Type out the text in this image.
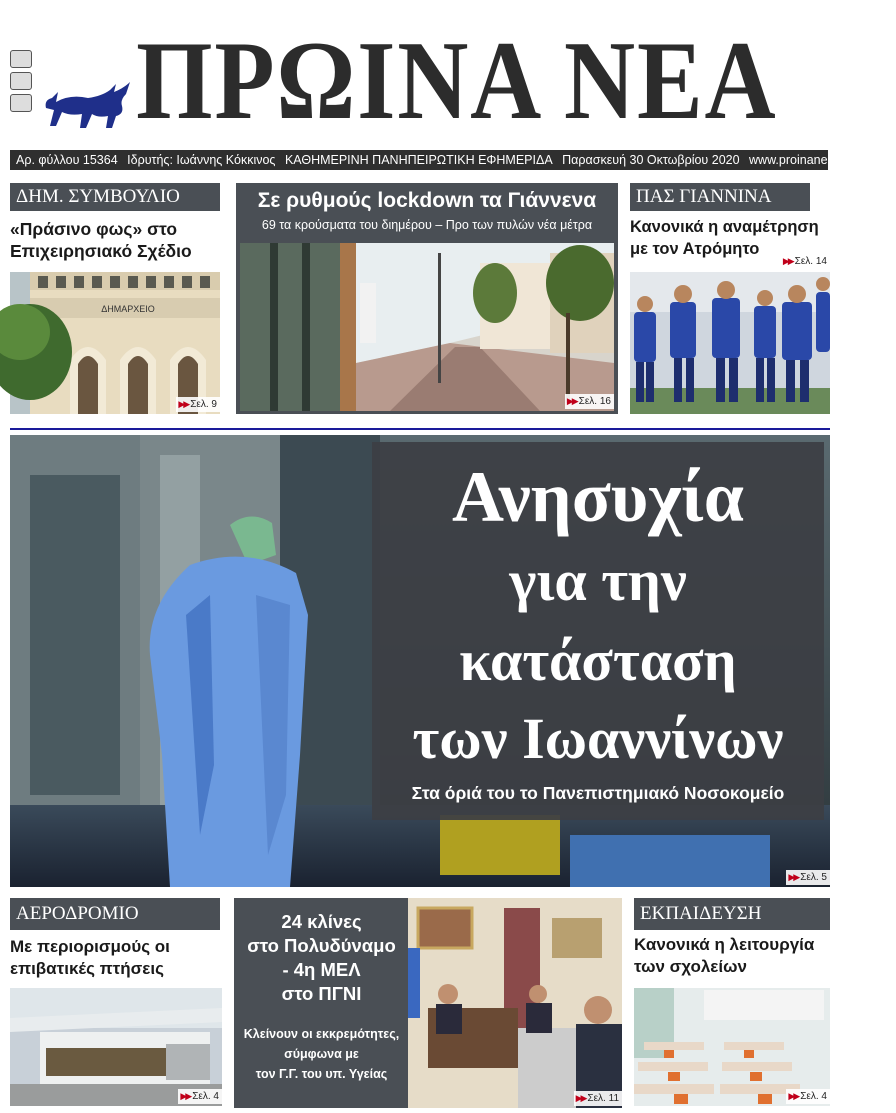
ΠΡΩΙΝΑ ΝΕΑ
Αρ. φύλλου 15364 Ιδρυτής: Ιωάννης Κόκκινος ΚΑΘΗΜΕΡΙΝΗ ΠΑΝΗΠΕΙΡΩΤΙΚΗ ΕΦΗΜΕΡΙΔΑ Παρασκευή 30 Οκτωβρίου 2020 www.proinanea.gr €0,50
ΔΗΜ. ΣΥΜΒΟΥΛΙΟ
«Πράσινο φως» στο
Επιχειρησιακό Σχέδιο
ΔΗΜΑΡΧΕΙΟ
▶▶ Σελ. 9
Σε ρυθμούς lockdown τα Γιάννενα
69 τα κρούσματα του διημέρου – Προ των πυλών νέα μέτρα
▶▶ Σελ. 16
ΠΑΣ ΓΙΑΝΝΙΝΑ
Κανονικά η αναμέτρηση
με τον Ατρόμητο
▶▶ Σελ. 14
▶▶ Σελ. 5
Ανησυχία
για την
κατάσταση
των Ιωαννίνων
Στα όριά του το Πανεπιστημιακό Νοσοκομείο
ΑΕΡΟΔΡΟΜΙΟ
Με περιορισμούς οι
επιβατικές πτήσεις
▶▶ Σελ. 4
24 κλίνες
στο Πολυδύναμο
- 4η ΜΕΛ
στο ΠΓΝΙ
Κλείνουν οι εκκρεμότητες,
σύμφωνα με
τον Γ.Γ. του υπ. Υγείας
▶▶ Σελ. 11
ΕΚΠΑΙΔΕΥΣΗ
Κανονικά η λειτουργία
των σχολείων
▶▶ Σελ. 4
